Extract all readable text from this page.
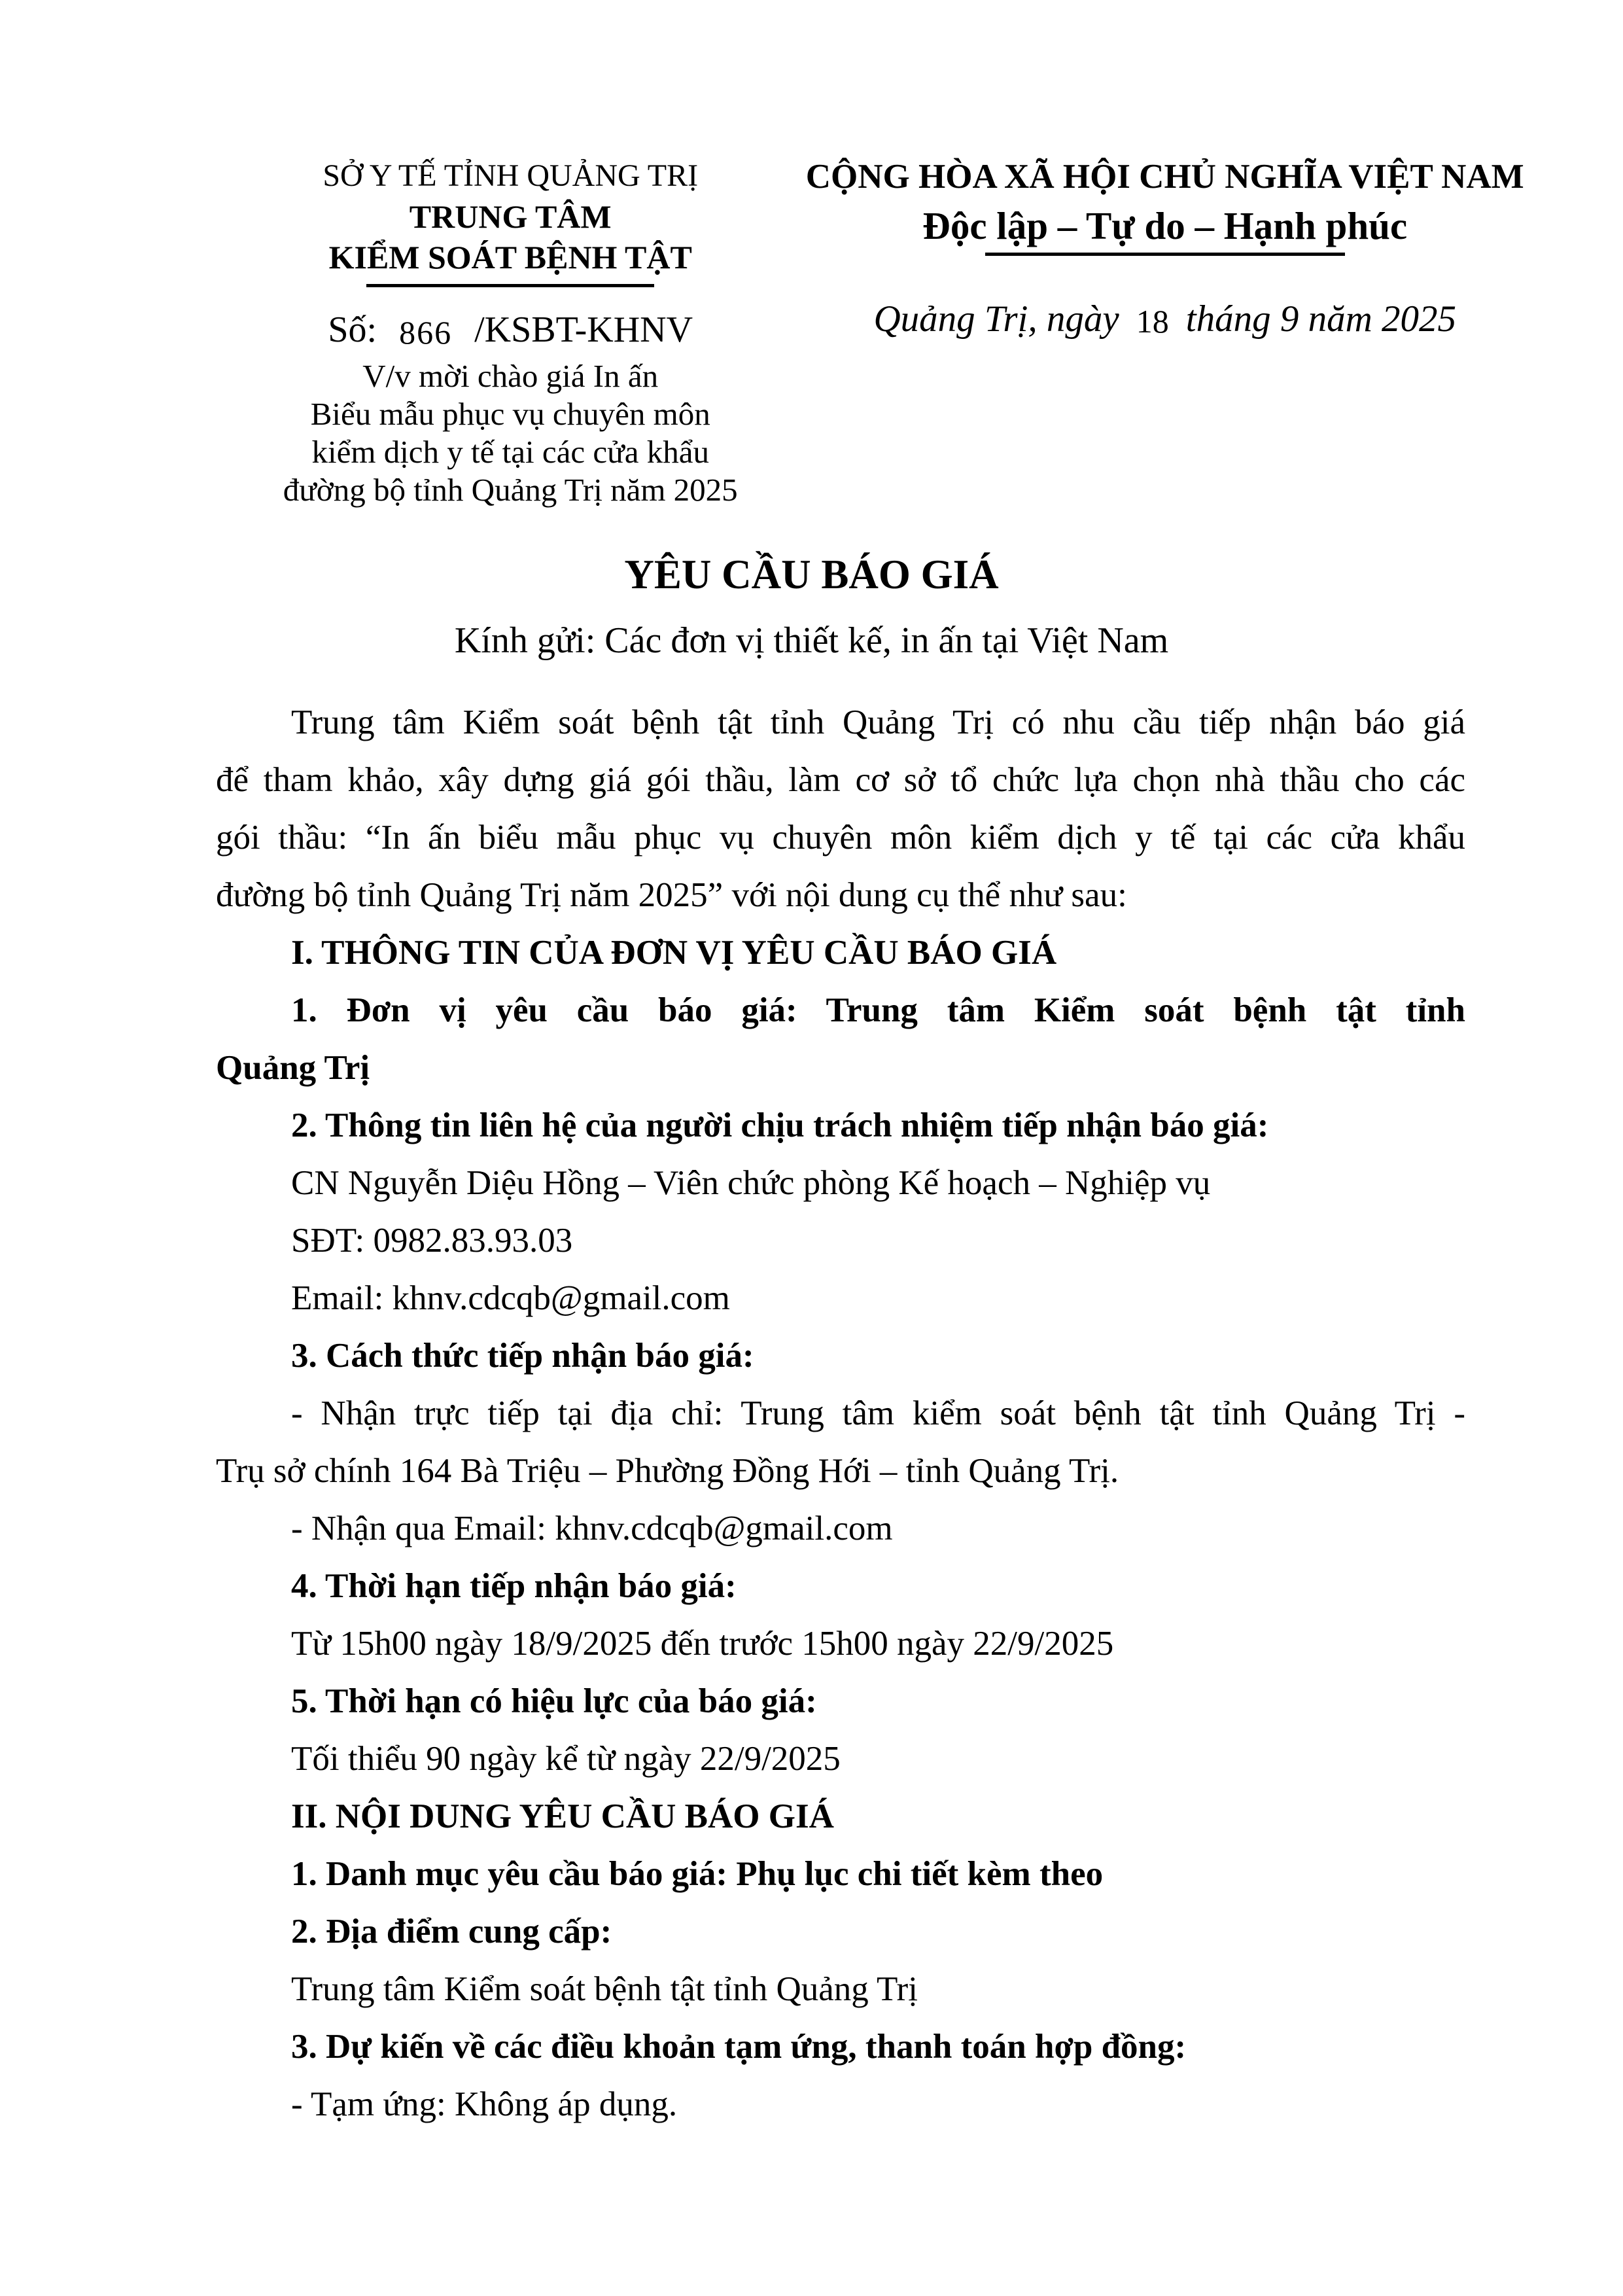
SỞ Y TẾ TỈNH QUẢNG TRỊ
TRUNG TÂM
KIỂM SOÁT BỆNH TẬT
Số: 866 /KSBT-KHNV
V/v mời chào giá In ấn
Biểu mẫu phục vụ chuyên môn
kiểm dịch y tế tại các cửa khẩu
đường bộ tỉnh Quảng Trị năm 2025
CỘNG HÒA XÃ HỘI CHỦ NGHĨA VIỆT NAM
Độc lập – Tự do – Hạnh phúc
Quảng Trị, ngày 18 tháng 9 năm 2025
YÊU CẦU BÁO GIÁ
Kính gửi: Các đơn vị thiết kế, in ấn tại Việt Nam
Trung tâm Kiểm soát bệnh tật tỉnh Quảng Trị có nhu cầu tiếp nhận báo giá
để tham khảo, xây dựng giá gói thầu, làm cơ sở tổ chức lựa chọn nhà thầu cho các
gói thầu: “In ấn biểu mẫu phục vụ chuyên môn kiểm dịch y tế tại các cửa khẩu
đường bộ tỉnh Quảng Trị năm 2025” với nội dung cụ thể như sau:
I. THÔNG TIN CỦA ĐƠN VỊ YÊU CẦU BÁO GIÁ
1. Đơn vị yêu cầu báo giá: Trung tâm Kiểm soát bệnh tật tỉnh
Quảng Trị
2. Thông tin liên hệ của người chịu trách nhiệm tiếp nhận báo giá:
CN Nguyễn Diệu Hồng – Viên chức phòng Kế hoạch – Nghiệp vụ
SĐT: 0982.83.93.03
Email: khnv.cdcqb@gmail.com
3. Cách thức tiếp nhận báo giá:
- Nhận trực tiếp tại địa chỉ: Trung tâm kiểm soát bệnh tật tỉnh Quảng Trị -
Trụ sở chính 164 Bà Triệu – Phường Đồng Hới – tỉnh Quảng Trị.
- Nhận qua Email: khnv.cdcqb@gmail.com
4. Thời hạn tiếp nhận báo giá:
Từ 15h00 ngày 18/9/2025 đến trước 15h00 ngày 22/9/2025
5. Thời hạn có hiệu lực của báo giá:
Tối thiểu 90 ngày kể từ ngày 22/9/2025
II. NỘI DUNG YÊU CẦU BÁO GIÁ
1. Danh mục yêu cầu báo giá: Phụ lục chi tiết kèm theo
2. Địa điểm cung cấp:
Trung tâm Kiểm soát bệnh tật tỉnh Quảng Trị
3. Dự kiến về các điều khoản tạm ứng, thanh toán hợp đồng:
- Tạm ứng: Không áp dụng.
